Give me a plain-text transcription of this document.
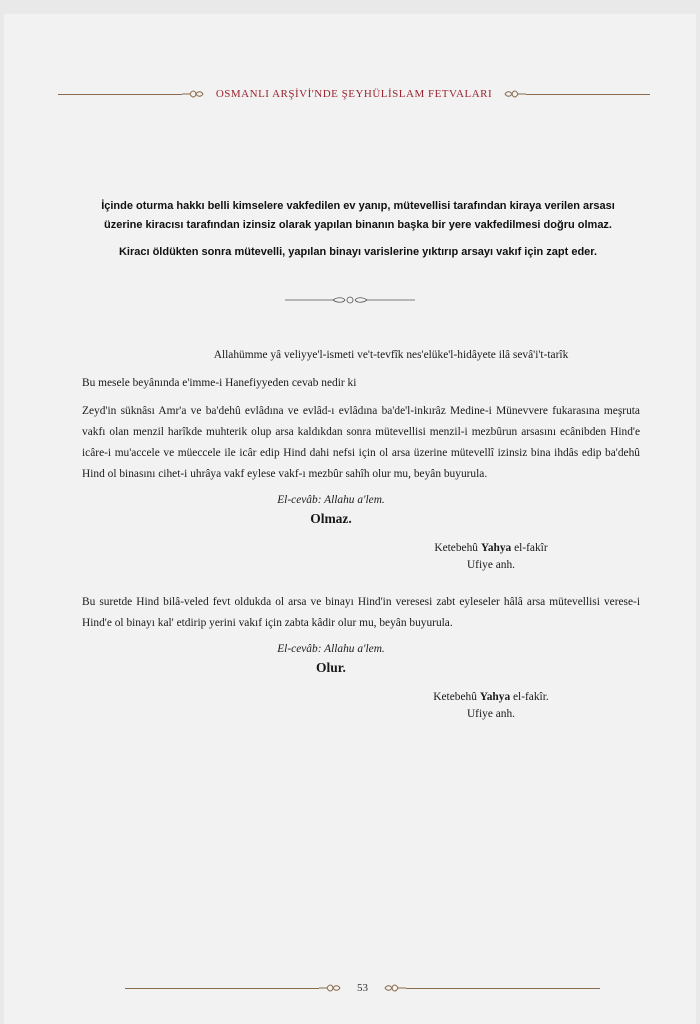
OSMANLI ARŞİVİ'NDE ŞEYHÜLİSLAM FETVALARI

İçinde oturma hakkı belli kimselere vakfedilen ev yanıp, mütevellisi tarafından kiraya verilen arsası üzerine kiracısı tarafından izinsiz olarak yapılan binanın başka bir yere vakfedilmesi doğru olmaz.

Kiracı öldükten sonra mütevelli, yapılan binayı varislerine yıktırıp arsayı vakıf için zapt eder.

Allahümme yâ veliyye'l-ismeti ve't-tevfîk nes'elüke'l-hidâyete ilâ sevâ'i't-tarîk

Bu mesele beyânında e'imme-i Hanefiyyeden cevab nedir ki

Zeyd'in süknâsı Amr'a ve ba'dehû evlâdına ve evlâd-ı evlâdına ba'de'l-inkırâz Medine-i Münevvere fukarasına meşruta vakfı olan menzil harîkde muhterik olup arsa kaldıkdan sonra mütevellisi menzil-i mezbûrun arsasını ecânibden Hind'e icâre-i mu'accele ve müeccele ile icâr edip Hind dahi nefsi için ol arsa üzerine mütevellî izinsiz bina ihdâs edip ba'dehû Hind ol binasını cihet-i uhrâya vakf eylese vakf-ı mezbûr sahîh olur mu, beyân buyurula.

El-cevâb: Allahu a'lem.
Olmaz.
Ketebehû Yahya el-fakîr
Ufiye anh.

Bu suretde Hind bilâ-veled fevt oldukda ol arsa ve binayı Hind'in veresesi zabt eyleseler hâlâ arsa mütevellisi verese-i Hind'e ol binayı kal' etdirip yerini vakıf için zabta kâdir olur mu, beyân buyurula.

El-cevâb: Allahu a'lem.
Olur.
Ketebehû Yahya el-fakîr.
Ufiye anh.
53
